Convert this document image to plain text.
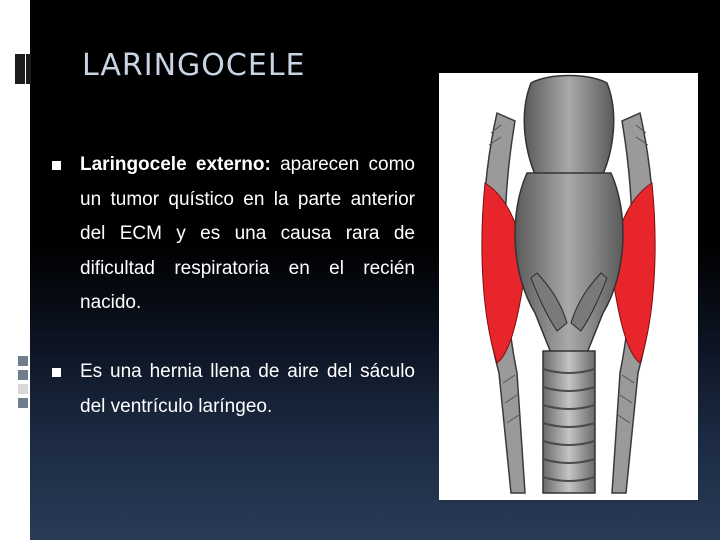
LARINGOCELE

Laringocele externo: aparecen como un tumor quístico en la parte anterior del ECM y es una causa rara de dificultad respiratoria en el recién nacido.

Es una hernia llena de aire del sáculo del ventrículo laríngeo.
